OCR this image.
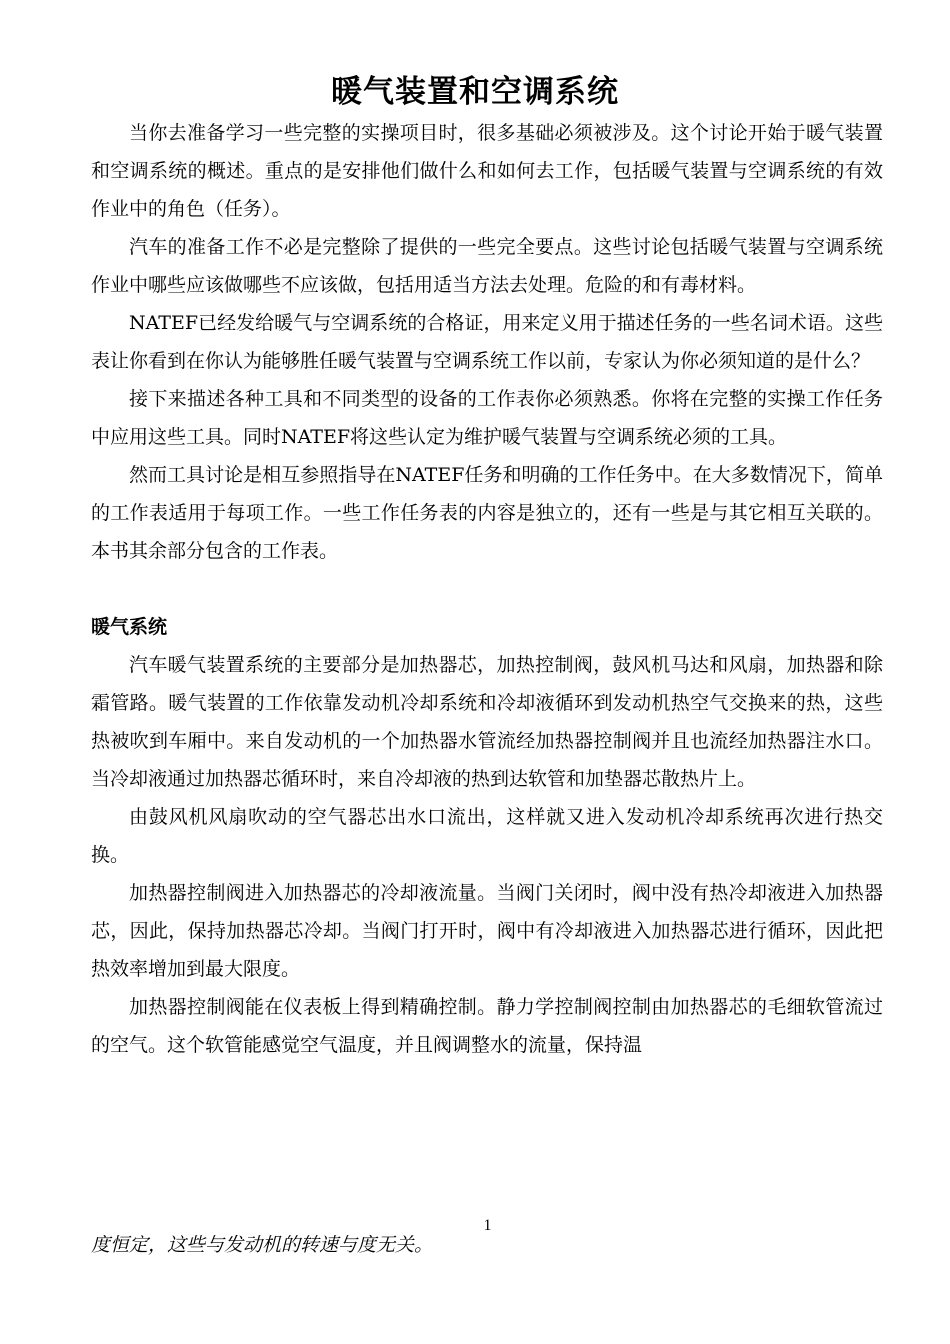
暖气装置和空调系统

当你去准备学习一些完整的实操项目时，很多基础必须被涉及。这个讨论开始于暖气装置和空调系统的概述。重点的是安排他们做什么和如何去工作，包括暖气装置与空调系统的有效作业中的角色（任务）。

汽车的准备工作不必是完整除了提供的一些完全要点。这些讨论包括暖气装置与空调系统作业中哪些应该做哪些不应该做，包括用适当方法去处理。危险的和有毒材料。

NATEF已经发给暖气与空调系统的合格证，用来定义用于描述任务的一些名词术语。这些表让你看到在你认为能够胜任暖气装置与空调系统工作以前，专家认为你必须知道的是什么？

接下来描述各种工具和不同类型的设备的工作表你必须熟悉。你将在完整的实操工作任务中应用这些工具。同时NATEF将这些认定为维护暖气装置与空调系统必须的工具。

然而工具讨论是相互参照指导在NATEF任务和明确的工作任务中。在大多数情况下，简单的工作表适用于每项工作。一些工作任务表的内容是独立的，还有一些是与其它相互关联的。本书其余部分包含的工作表。

暖气系统

汽车暖气装置系统的主要部分是加热器芯，加热控制阀，鼓风机马达和风扇，加热器和除霜管路。暖气装置的工作依靠发动机冷却系统和冷却液循环到发动机热空气交换来的热，这些热被吹到车厢中。来自发动机的一个加热器水管流经加热器控制阀并且也流经加热器注水口。当冷却液通过加热器芯循环时，来自冷却液的热到达软管和加垫器芯散热片上。

由鼓风机风扇吹动的空气器芯出水口流出，这样就又进入发动机冷却系统再次进行热交换。

加热器控制阀进入加热器芯的冷却液流量。当阀门关闭时，阀中没有热冷却液进入加热器芯，因此，保持加热器芯冷却。当阀门打开时，阀中有冷却液进入加热器芯进行循环，因此把热效率增加到最大限度。

加热器控制阀能在仪表板上得到精确控制。静力学控制阀控制由加热器芯的毛细软管流过的空气。这个软管能感觉空气温度，并且阀调整水的流量，保持温

1
度恒定，这些与发动机的转速与度无关。
